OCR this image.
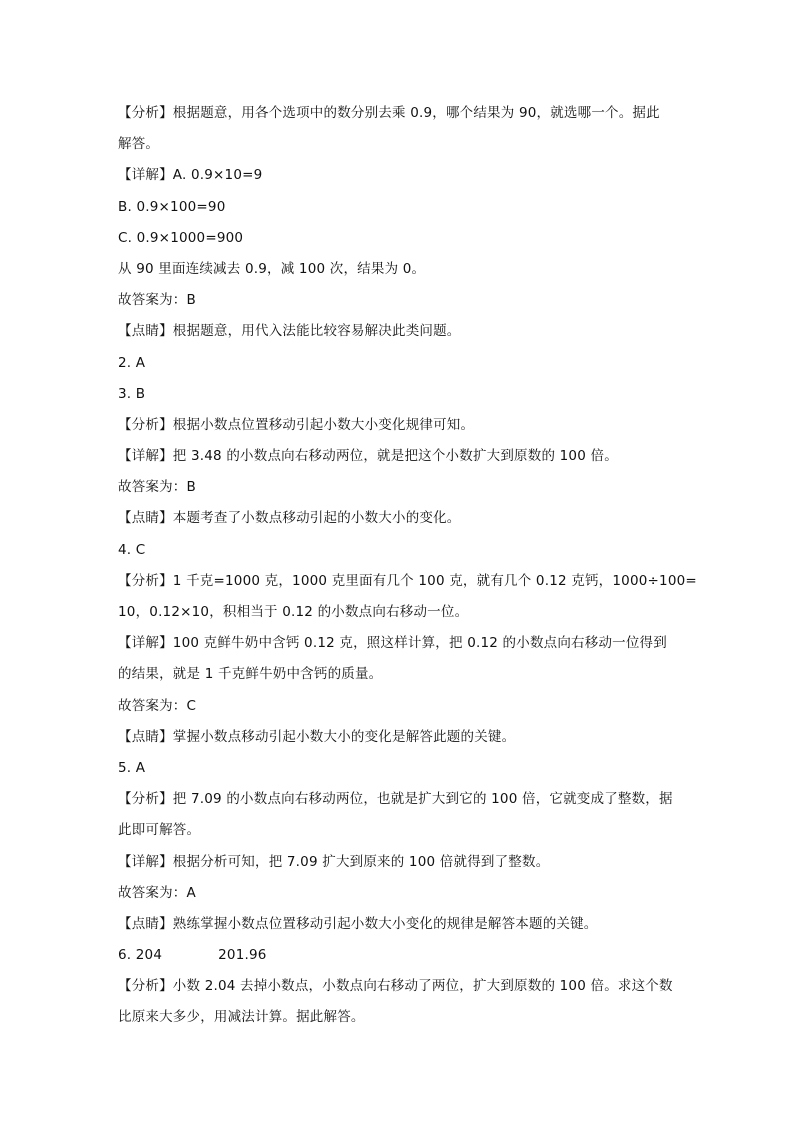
【分析】根据题意，用各个选项中的数分别去乘 0.9，哪个结果为 90，就选哪一个。据此
解答。
【详解】A. 0.9×10=9
B. 0.9×100=90
C. 0.9×1000=900
从 90 里面连续减去 0.9，减 100 次，结果为 0。
故答案为：B
【点睛】根据题意，用代入法能比较容易解决此类问题。
2. A
3. B
【分析】根据小数点位置移动引起小数大小变化规律可知。
【详解】把 3.48 的小数点向右移动两位，就是把这个小数扩大到原数的 100 倍。
故答案为：B
【点睛】本题考查了小数点移动引起的小数大小的变化。
4. C
【分析】1 千克=1000 克，1000 克里面有几个 100 克，就有几个 0.12 克钙，1000÷100=
10，0.12×10，积相当于 0.12 的小数点向右移动一位。
【详解】100 克鲜牛奶中含钙 0.12 克，照这样计算，把 0.12 的小数点向右移动一位得到
的结果，就是 1 千克鲜牛奶中含钙的质量。
故答案为：C
【点睛】掌握小数点移动引起小数大小的变化是解答此题的关键。
5. A
【分析】把 7.09 的小数点向右移动两位，也就是扩大到它的 100 倍，它就变成了整数，据
此即可解答。
【详解】根据分析可知，把 7.09 扩大到原来的 100 倍就得到了整数。
故答案为：A
【点睛】熟练掌握小数点位置移动引起小数大小变化的规律是解答本题的关键。
6. 204	201.96
【分析】小数 2.04 去掉小数点，小数点向右移动了两位，扩大到原数的 100 倍。求这个数
比原来大多少，用减法计算。据此解答。
